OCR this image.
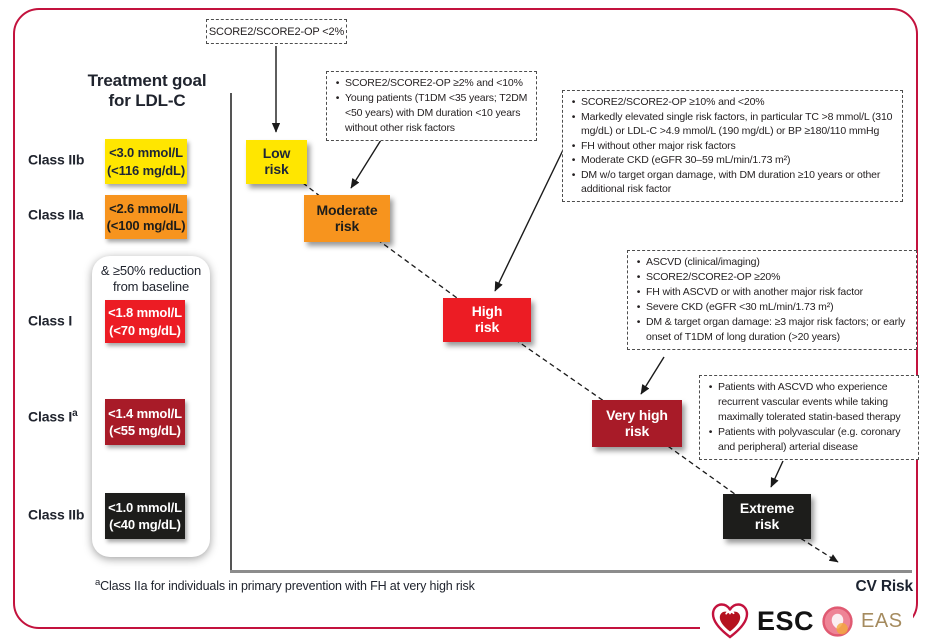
Treatment goal
for LDL-C
& ≥50% reduction
from baseline
Class IIb	<3.0 mmol/L
(<116 mg/dL)
Class IIa	<2.6 mmol/L
(<100 mg/dL)
Class I	<1.8 mmol/L
(<70 mg/dL)
Class $I^a$	<1.4 mmol/L
(<55 mg/dL)
Class IIb	<1.0 mmol/L
(<40 mg/dL)
Low
risk
Moderate
risk
High
risk
Very high
risk
Extreme
risk
SCORE2/SCORE2-OP <2%
• SCORE2/SCORE2-OP ≥2% and <10%
• Young patients (T1DM <35 years; T2DM <50 years) with DM duration <10 years without other risk factors
• SCORE2/SCORE2-OP ≥10% and <20%
• Markedly elevated single risk factors, in particular TC >8 mmol/L (310 mg/dL) or LDL-C >4.9 mmol/L (190 mg/dL) or BP ≥180/110 mmHg
• FH without other major risk factors
• Moderate CKD (eGFR 30–59 mL/min/1.73 m²)
• DM w/o target organ damage, with DM duration ≥10 years or other additional risk factor
• ASCVD (clinical/imaging)
• SCORE2/SCORE2-OP ≥20%
• FH with ASCVD or with another major risk factor
• Severe CKD (eGFR <30 mL/min/1.73 m²)
• DM & target organ damage: ≥3 major risk factors; or early onset of T1DM of long duration (>20 years)
• Patients with ASCVD who experience recurrent vascular events while taking maximally tolerated statin-based therapy
• Patients with polyvascular (e.g. coronary and peripheral) arterial disease
$^a$Class IIa for individuals in primary prevention with FH at very high risk	CV Risk
ESC EAS
